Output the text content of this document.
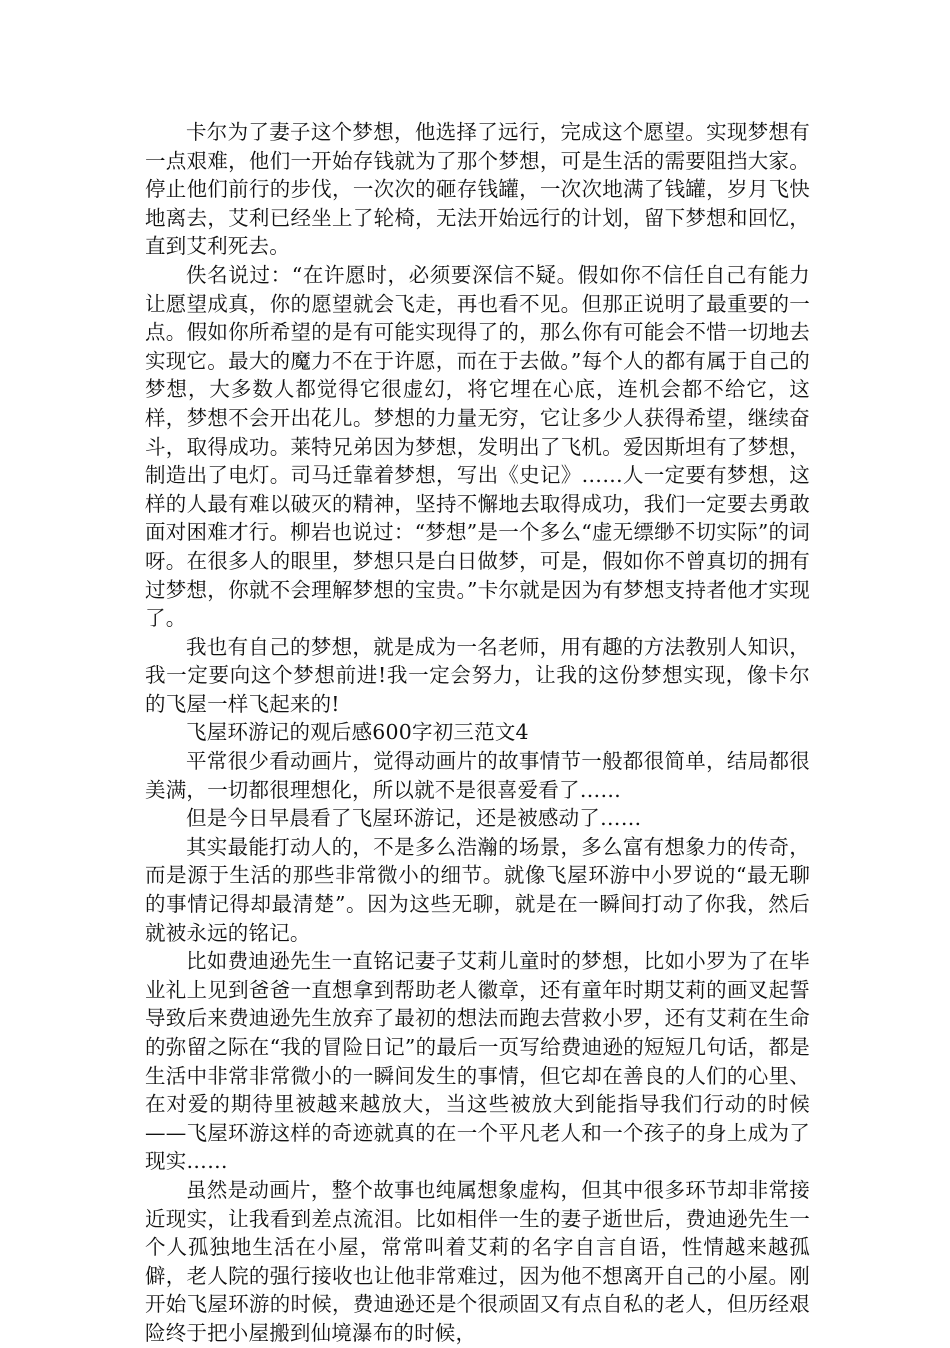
卡尔为了妻子这个梦想，他选择了远行，完成这个愿望。实现梦想有一点艰难，他们一开始存钱就为了那个梦想，可是生活的需要阻挡大家。停止他们前行的步伐，一次次的砸存钱罐，一次次地满了钱罐，岁月飞快地离去，艾利已经坐上了轮椅，无法开始远行的计划，留下梦想和回忆，直到艾利死去。

佚名说过：“在许愿时，必须要深信不疑。假如你不信任自己有能力让愿望成真，你的愿望就会飞走，再也看不见。但那正说明了最重要的一点。假如你所希望的是有可能实现得了的，那么你有可能会不惜一切地去实现它。最大的魔力不在于许愿，而在于去做。”每个人的都有属于自己的梦想，大多数人都觉得它很虚幻，将它埋在心底，连机会都不给它，这样，梦想不会开出花儿。梦想的力量无穷，它让多少人获得希望，继续奋斗，取得成功。莱特兄弟因为梦想，发明出了飞机。爱因斯坦有了梦想，制造出了电灯。司马迁靠着梦想，写出《史记》……人一定要有梦想，这样的人最有难以破灭的精神，坚持不懈地去取得成功，我们一定要去勇敢面对困难才行。柳岩也说过：“梦想”是一个多么“虚无缥缈不切实际”的词呀。在很多人的眼里，梦想只是白日做梦，可是，假如你不曾真切的拥有过梦想，你就不会理解梦想的宝贵。”卡尔就是因为有梦想支持者他才实现了。

我也有自己的梦想，就是成为一名老师，用有趣的方法教别人知识，我一定要向这个梦想前进!我一定会努力，让我的这份梦想实现，像卡尔的飞屋一样飞起来的!

飞屋环游记的观后感600字初三范文4

平常很少看动画片，觉得动画片的故事情节一般都很简单，结局都很美满，一切都很理想化，所以就不是很喜爱看了……

但是今日早晨看了飞屋环游记，还是被感动了……

其实最能打动人的，不是多么浩瀚的场景，多么富有想象力的传奇，而是源于生活的那些非常微小的细节。就像飞屋环游中小罗说的“最无聊的事情记得却最清楚”。因为这些无聊，就是在一瞬间打动了你我，然后就被永远的铭记。

比如费迪逊先生一直铭记妻子艾莉儿童时的梦想，比如小罗为了在毕业礼上见到爸爸一直想拿到帮助老人徽章，还有童年时期艾莉的画叉起誓导致后来费迪逊先生放弃了最初的想法而跑去营救小罗，还有艾莉在生命的弥留之际在“我的冒险日记”的最后一页写给费迪逊的短短几句话，都是生活中非常非常微小的一瞬间发生的事情，但它却在善良的人们的心里、在对爱的期待里被越来越放大，当这些被放大到能指导我们行动的时候——飞屋环游这样的奇迹就真的在一个平凡老人和一个孩子的身上成为了现实……

虽然是动画片，整个故事也纯属想象虚构，但其中很多环节却非常接近现实，让我看到差点流泪。比如相伴一生的妻子逝世后，费迪逊先生一个人孤独地生活在小屋，常常叫着艾莉的名字自言自语，性情越来越孤僻，老人院的强行接收也让他非常难过，因为他不想离开自己的小屋。刚开始飞屋环游的时候，费迪逊还是个很顽固又有点自私的老人，但历经艰险终于把小屋搬到仙境瀑布的时候，
